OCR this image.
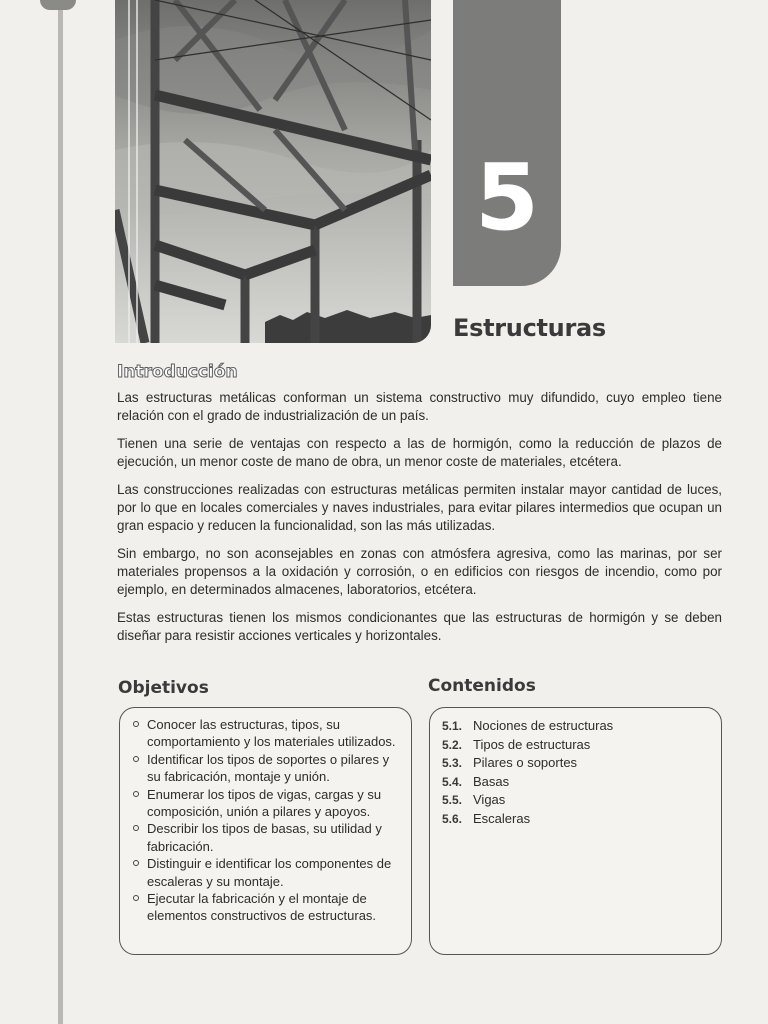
5
Estructuras
Introducción

Las estructuras metálicas conforman un sistema constructivo muy difundido, cuyo empleo tiene relación con el grado de industrialización de un país.

Tienen una serie de ventajas con respecto a las de hormigón, como la reducción de plazos de ejecución, un menor coste de mano de obra, un menor coste de materiales, etcétera.

Las construcciones realizadas con estructuras metálicas permiten instalar mayor cantidad de luces, por lo que en locales comerciales y naves industriales, para evitar pilares intermedios que ocupan un gran espacio y reducen la funcionalidad, son las más utilizadas.

Sin embargo, no son aconsejables en zonas con atmósfera agresiva, como las marinas, por ser materiales propensos a la oxidación y corrosión, o en edificios con riesgos de incendio, como por ejemplo, en determinados almacenes, laboratorios, etcétera.

Estas estructuras tienen los mismos condicionantes que las estructuras de hormigón y se deben diseñar para resistir acciones verticales y horizontales.

Objetivos	Contenidos
Conocer las estructuras, tipos, su comportamiento y los materiales utilizados.
Identificar los tipos de soportes o pilares y su fabricación, montaje y unión.
Enumerar los tipos de vigas, cargas y su composición, unión a pilares y apoyos.
Describir los tipos de basas, su utilidad y fabricación.
Distinguir e identificar los componentes de escaleras y su montaje.
Ejecutar la fabricación y el montaje de elementos constructivos de estructuras.
5.1. Nociones de estructuras
5.2. Tipos de estructuras
5.3. Pilares o soportes
5.4. Basas
5.5. Vigas
5.6. Escaleras
